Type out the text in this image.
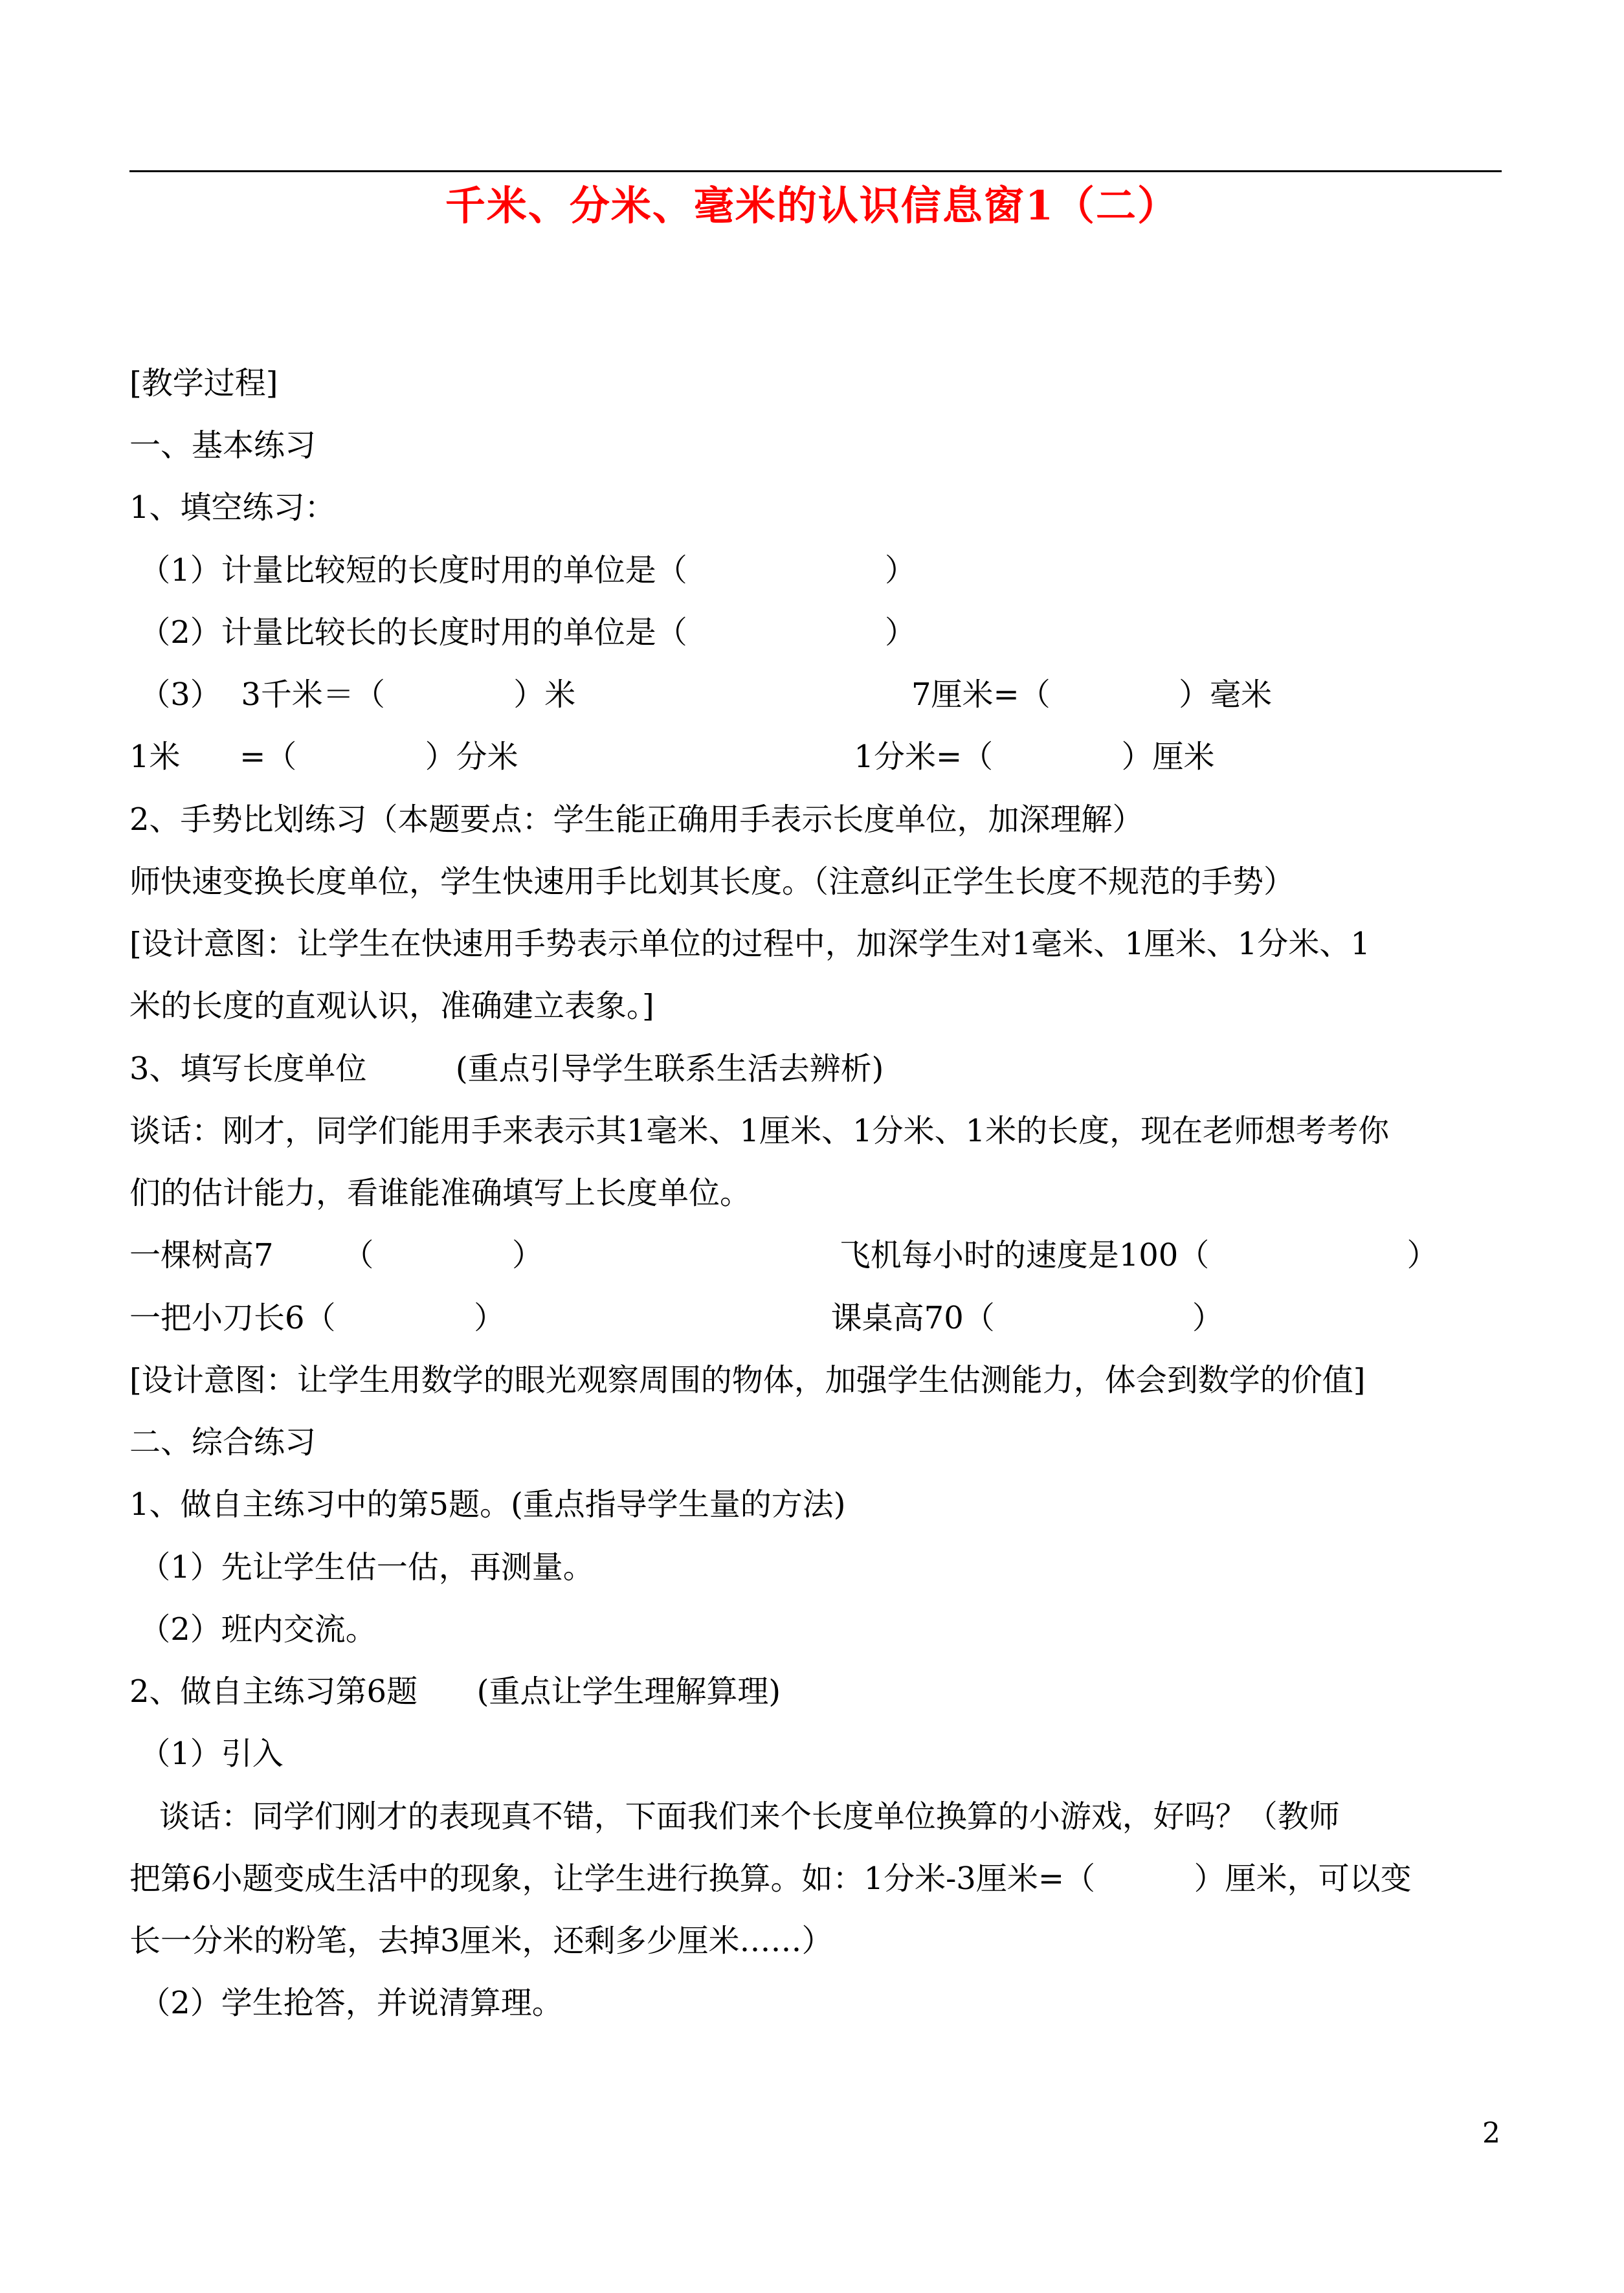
千米、分米、毫米的认识信息窗1（二）
[教学过程]
一、基本练习
1、填空练习：
（1）计量比较短的长度时用的单位是（                    ）
（2）计量比较长的长度时用的单位是（                    ）
（3）  3千米＝（             ）米                                  7厘米=（             ）毫米
1米      =（             ）分米                                  1分米=（             ）厘米
2、手势比划练习（本题要点：学生能正确用手表示长度单位，加深理解）
师快速变换长度单位，学生快速用手比划其长度。（注意纠正学生长度不规范的手势）
[设计意图：让学生在快速用手势表示单位的过程中，加深学生对1毫米、1厘米、1分米、1
米的长度的直观认识，准确建立表象。]
3、填写长度单位         (重点引导学生联系生活去辨析)
谈话：刚才，同学们能用手来表示其1毫米、1厘米、1分米、1米的长度，现在老师想考考你
们的估计能力，看谁能准确填写上长度单位。
一棵树高7       （              ）                              飞机每小时的速度是100（                    ）
一把小刀长6（              ）                                 课桌高70（                    ）
[设计意图：让学生用数学的眼光观察周围的物体，加强学生估测能力，体会到数学的价值]
二、综合练习
1、做自主练习中的第5题。(重点指导学生量的方法)
（1）先让学生估一估，再测量。
（2）班内交流。
2、做自主练习第6题      (重点让学生理解算理)
（1）引入
谈话：同学们刚才的表现真不错，下面我们来个长度单位换算的小游戏，好吗？（教师
把第6小题变成生活中的现象，让学生进行换算。如：1分米-3厘米=（          ）厘米，可以变
长一分米的粉笔，去掉3厘米，还剩多少厘米……）
（2）学生抢答，并说清算理。
2
